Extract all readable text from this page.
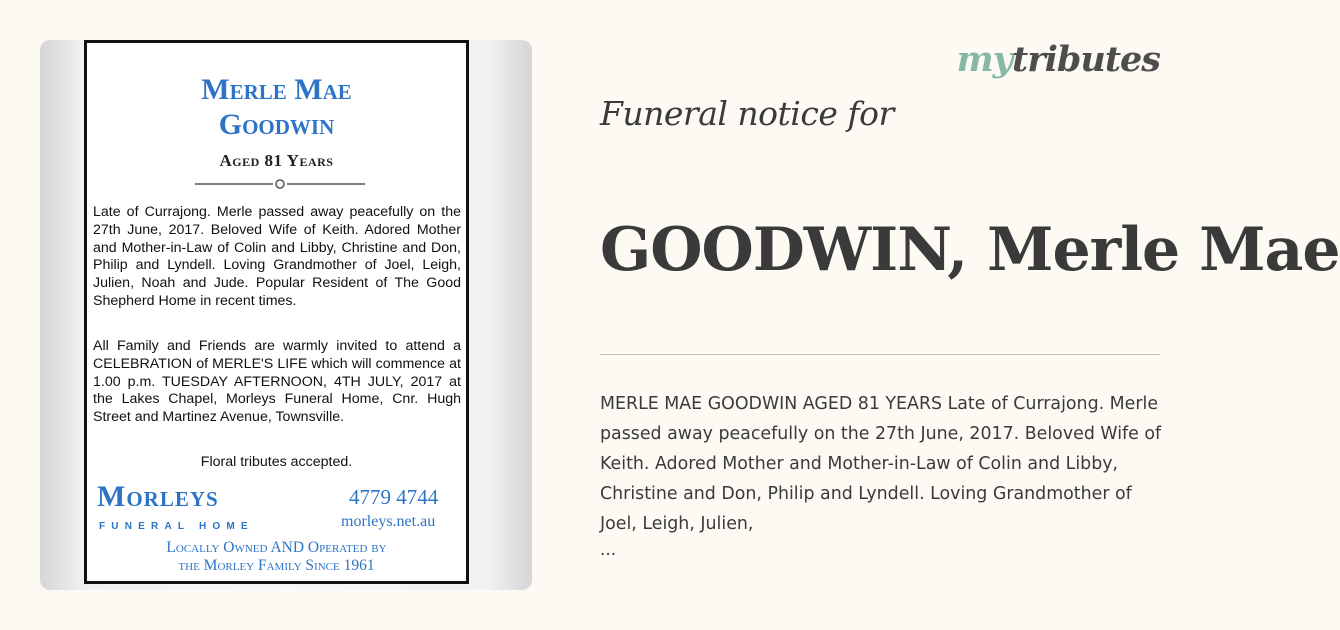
Merle Mae
Goodwin
Aged 81 Years
Late of Currajong. Merle passed away peacefully on the 27th June, 2017. Beloved Wife of Keith. Adored Mother and Mother-in-Law of Colin and Libby, Christine and Don, Philip and Lyndell. Loving Grandmother of Joel, Leigh, Julien, Noah and Jude. Popular Resident of The Good Shepherd Home in recent times.
All Family and Friends are warmly invited to attend a CELEBRATION of MERLE'S LIFE which will commence at 1.00 p.m. TUESDAY AFTERNOON, 4TH JULY, 2017 at the Lakes Chapel, Morleys Funeral Home, Cnr. Hugh Street and Martinez Avenue, Townsville.
Floral tributes accepted.
Morleys
FUNERAL HOME
4779 4744
morleys.net.au
Locally Owned AND Operated by
the Morley Family Since 1961
mytributes
Funeral notice for
GOODWIN, Merle Mae
MERLE MAE GOODWIN AGED 81 YEARS Late of Currajong. Merle passed away peacefully on the 27th June, 2017. Beloved Wife of Keith. Adored Mother and Mother-in-Law of Colin and Libby, Christine and Don, Philip and Lyndell. Loving Grandmother of Joel, Leigh, Julien,
...
